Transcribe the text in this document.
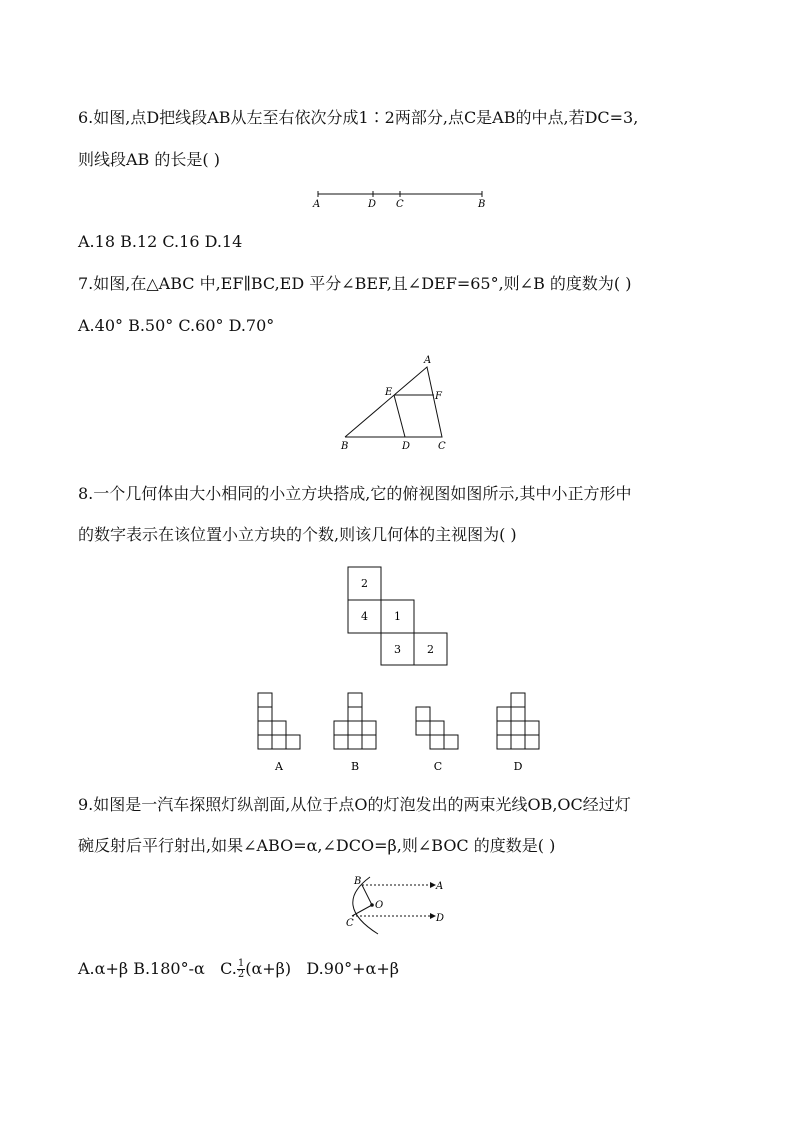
6.如图,点D把线段AB从左至右依次分成1∶2两部分,点C是AB的中点,若DC=3,
则线段AB 的长是( )
A	D C	B
A.18 B.12 C.16 D.14
7.如图,在△ABC 中,EF∥BC,ED 平分∠BEF,且∠DEF=65°,则∠B 的度数为( )
A.40° B.50° C.60° D.70°
A
E	F
B	D	C
8.一个几何体由大小相同的小立方块搭成,它的俯视图如图所示,其中小正方形中
的数字表示在该位置小立方块的个数,则该几何体的主视图为( )
2
4 1
3 2
A	B	C	D
9.如图是一汽车探照灯纵剖面,从位于点O的灯泡发出的两束光线OB,OC经过灯
碗反射后平行射出,如果∠ABO=α,∠DCO=β,则∠BOC 的度数是( )
B	A
O
C	D
A.α+β B.180°-α C. $\frac{1}{2} (\alpha+\beta)$ D.90°+α+β
